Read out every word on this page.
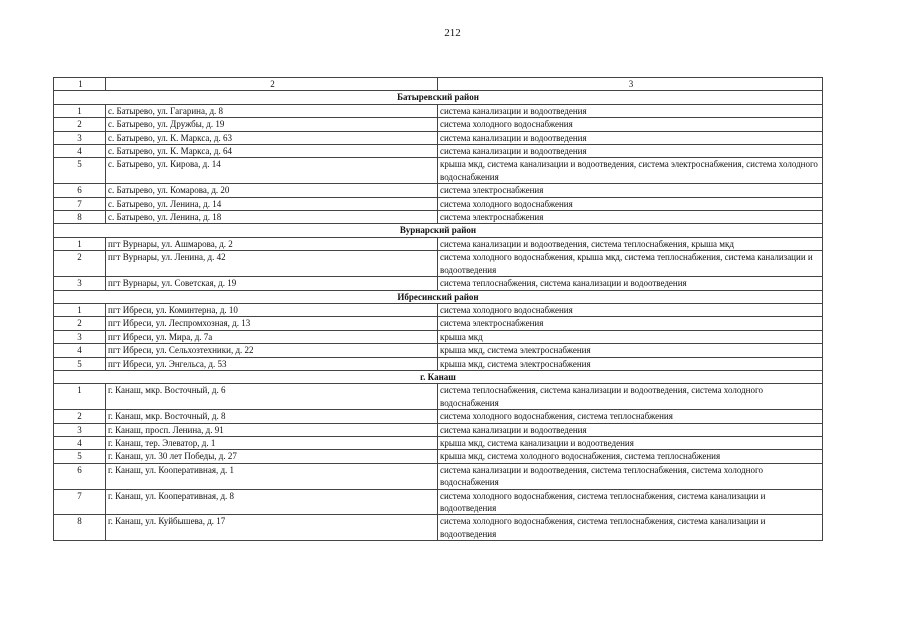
212
1	2	3
Батыревский район		
1	с. Батырево, ул. Гагарина, д. 8	система канализации и водоотведения
2	с. Батырево, ул. Дружбы, д. 19	система холодного водоснабжения
3	с. Батырево, ул. К. Маркса, д. 63	система канализации и водоотведения
4	с. Батырево, ул. К. Маркса, д. 64	система канализации и водоотведения
5	с. Батырево, ул. Кирова, д. 14	крыша мкд, система канализации и водоотведения, система электроснабжения, система холодного водоснабжения
6	с. Батырево, ул. Комарова, д. 20	система электроснабжения
7	с. Батырево, ул. Ленина, д. 14	система холодного водоснабжения
8	с. Батырево, ул. Ленина, д. 18	система электроснабжения
Вурнарский район		
1	пгт Вурнары, ул. Ашмарова, д. 2	система канализации и водоотведения, система теплоснабжения, крыша мкд
2	пгт Вурнары, ул. Ленина, д. 42	система холодного водоснабжения, крыша мкд, система теплоснабжения, система канализации и водоотведения
3	пгт Вурнары, ул. Советская, д. 19	система теплоснабжения, система канализации и водоотведения
Ибресинский район		
1	пгт Ибреси, ул. Коминтерна, д. 10	система холодного водоснабжения
2	пгт Ибреси, ул. Леспромхозная, д. 13	система электроснабжения
3	пгт Ибреси, ул. Мира, д. 7а	крыша мкд
4	пгт Ибреси, ул. Сельхозтехники, д. 22	крыша мкд, система электроснабжения
5	пгт Ибреси, ул. Энгельса, д. 53	крыша мкд, система электроснабжения
г. Канаш		
1	г. Канаш, мкр. Восточный, д. 6	система теплоснабжения, система канализации и водоотведения, система холодного водоснабжения
2	г. Канаш, мкр. Восточный, д. 8	система холодного водоснабжения, система теплоснабжения
3	г. Канаш, просп. Ленина, д. 91	система канализации и водоотведения
4	г. Канаш, тер. Элеватор, д. 1	крыша мкд, система канализации и водоотведения
5	г. Канаш, ул. 30 лет Победы, д. 27	крыша мкд, система холодного водоснабжения, система теплоснабжения
6	г. Канаш, ул. Кооперативная, д. 1	система канализации и водоотведения, система теплоснабжения, система холодного водоснабжения
7	г. Канаш, ул. Кооперативная, д. 8	система холодного водоснабжения, система теплоснабжения, система канализации и водоотведения
8	г. Канаш, ул. Куйбышева, д. 17	система холодного водоснабжения, система теплоснабжения, система канализации и водоотведения
